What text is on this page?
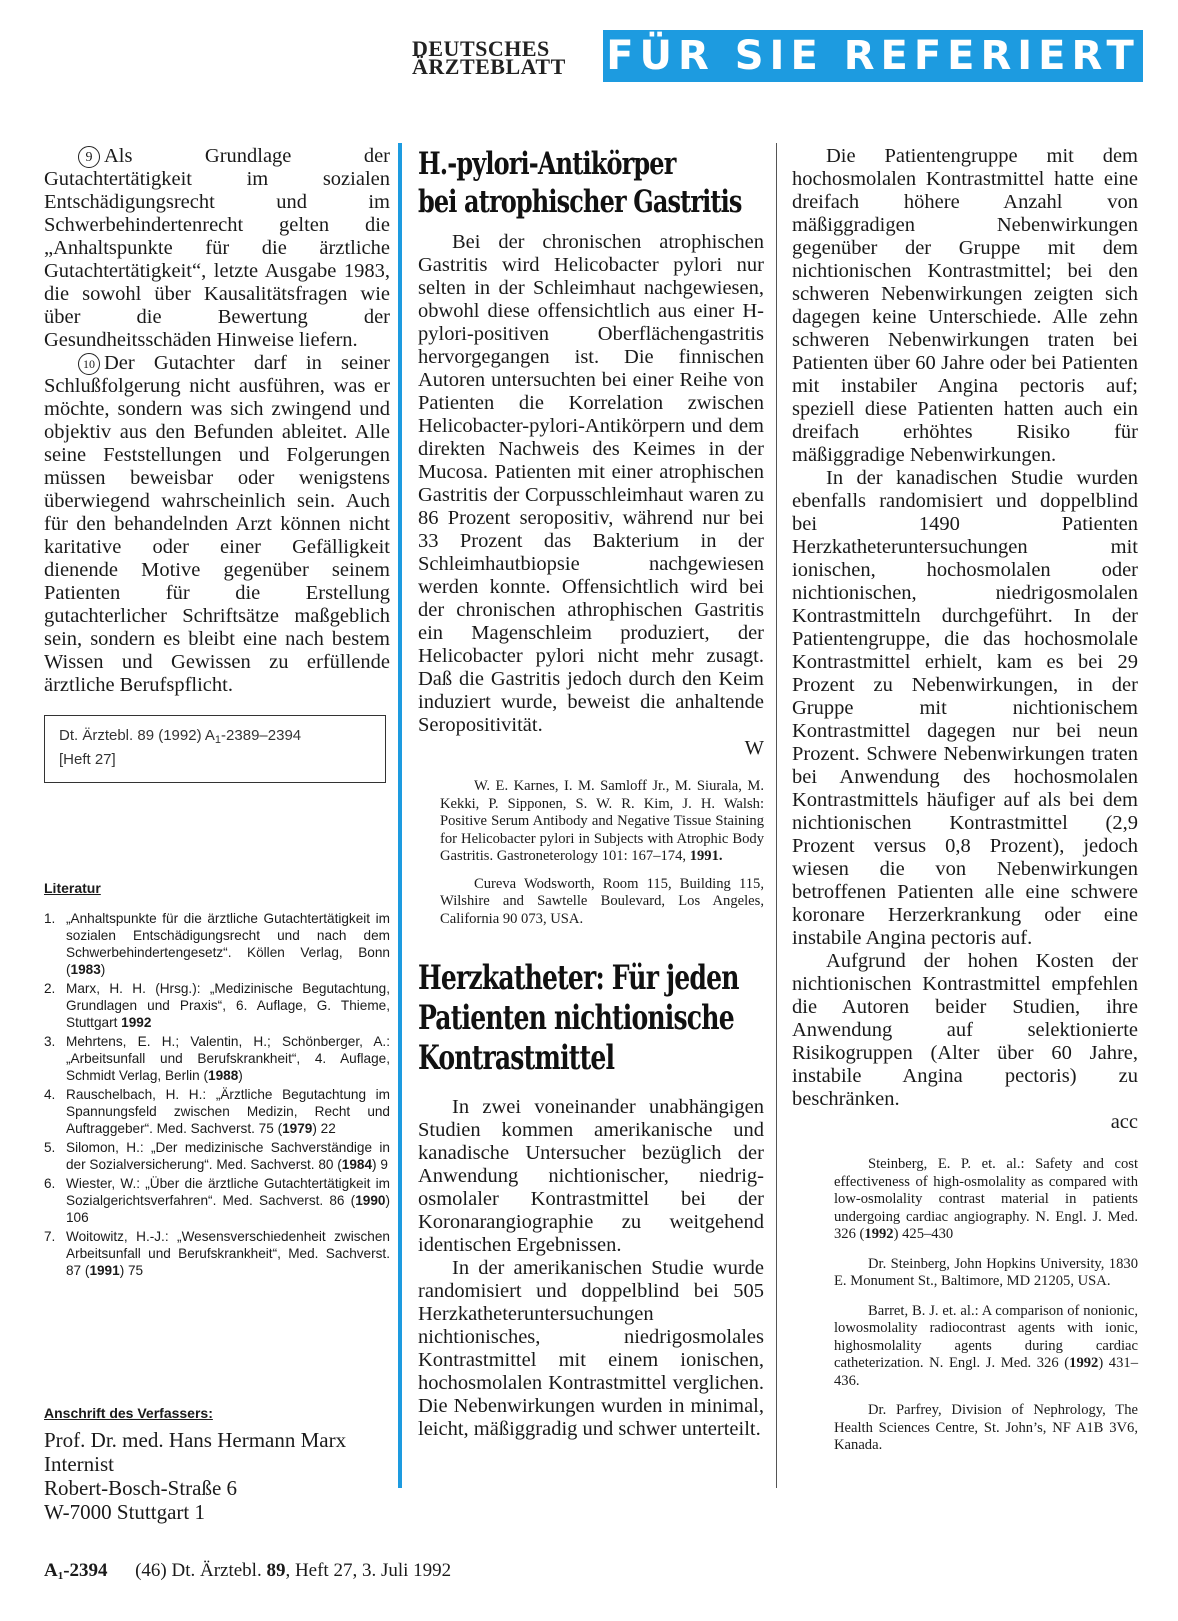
DEUTSCHES
ÄRZTEBLATT	FÜR SIE REFERIERT

9 Als Grundlage der Gutachtertätigkeit im sozialen Entschädigungsrecht und im Schwerbehindertenrecht gelten die „Anhaltspunkte für die ärztliche Gutachtertätigkeit“, letzte Ausgabe 1983, die sowohl über Kausalitätsfragen wie über die Bewertung der Gesundheitsschäden Hinweise liefern.

10 Der Gutachter darf in seiner Schlußfolgerung nicht ausführen, was er möchte, sondern was sich zwingend und objektiv aus den Befunden ableitet. Alle seine Feststellungen und Folgerungen müssen beweisbar oder wenigstens überwiegend wahrscheinlich sein. Auch für den behandelnden Arzt können nicht karitative oder einer Gefälligkeit dienende Motive gegenüber seinem Patienten für die Erstellung gutachterlicher Schriftsätze maßgeblich sein, sondern es bleibt eine nach bestem Wissen und Gewissen zu erfüllende ärztliche Berufspflicht.

Dt. Ärztebl. 89 (1992) $A_1-2389-2394$
[Heft 27]
Literatur
1. „Anhaltspunkte für die ärztliche Gutachtertätigkeit im sozialen Entschädigungsrecht und nach dem Schwerbehindertengesetz“. Köllen Verlag, Bonn (1983)
2. Marx, H. H. (Hrsg.): „Medizinische Begutachtung, Grundlagen und Praxis“, 6. Auflage, G. Thieme, Stuttgart 1992
3. Mehrtens, E. H.; Valentin, H.; Schönberger, A.: „Arbeitsunfall und Berufskrankheit“, 4. Auflage, Schmidt Verlag, Berlin (1988)
4. Rauschelbach, H. H.: „Ärztliche Begutachtung im Spannungsfeld zwischen Medizin, Recht und Auftraggeber“. Med. Sachverst. 75 (1979) 22
5. Silomon, H.: „Der medizinische Sachverständige in der Sozialversicherung“. Med. Sachverst. 80 (1984) 9
6. Wiester, W.: „Über die ärztliche Gutachtertätigkeit im Sozialgerichtsverfahren“. Med. Sachverst. 86 (1990) 106
7. Woitowitz, H.-J.: „Wesensverschiedenheit zwischen Arbeitsunfall und Berufskrankheit“, Med. Sachverst. 87 (1991) 75
Anschrift des Verfassers:
Prof. Dr. med. Hans Hermann Marx
Internist
Robert-Bosch-Straße 6
W-7000 Stuttgart 1
H.-pylori-Antikörper
bei atrophischer Gastritis

Bei der chronischen atrophischen Gastritis wird Helicobacter pylori nur selten in der Schleimhaut nachgewiesen, obwohl diese offensichtlich aus einer H-pylori-positiven Oberflächengastritis hervorgegangen ist. Die finnischen Autoren untersuchten bei einer Reihe von Patienten die Korrelation zwischen Helicobacter-pylori-Antikörpern und dem direkten Nachweis des Keimes in der Mucosa. Patienten mit einer atrophischen Gastritis der Corpusschleimhaut waren zu 86 Prozent seropositiv, während nur bei 33 Prozent das Bakterium in der Schleimhautbiopsie nachgewiesen werden konnte. Offensichtlich wird bei der chronischen athrophischen Gastritis ein Magenschleim produziert, der Helicobacter pylori nicht mehr zusagt. Daß die Gastritis jedoch durch den Keim induziert wurde, beweist die anhaltende Seropositivität.

W

W. E. Karnes, I. M. Samloff Jr., M. Siurala, M. Kekki, P. Sipponen, S. W. R. Kim, J. H. Walsh: Positive Serum Antibody and Negative Tissue Staining for Helicobacter pylori in Subjects with Atrophic Body Gastritis. Gastroneterology 101: 167–174, 1991.

Cureva Wodsworth, Room 115, Building 115, Wilshire and Sawtelle Boulevard, Los Angeles, California 90 073, USA.

Herzkatheter: Für jeden
Patienten nichtionische
Kontrastmittel

In zwei voneinander unabhängigen Studien kommen amerikanische und kanadische Untersucher bezüglich der Anwendung nichtionischer, niedrig-osmolaler Kontrastmittel bei der Koronarangiographie zu weitgehend identischen Ergebnissen.

In der amerikanischen Studie wurde randomisiert und doppelblind bei 505 Herzkatheteruntersuchungen nichtionisches, niedrigosmolales Kontrastmittel mit einem ionischen, hochosmolalen Kontrastmittel verglichen. Die Nebenwirkungen wurden in minimal, leicht, mäßiggradig und schwer unterteilt.

Die Patientengruppe mit dem hochosmolalen Kontrastmittel hatte eine dreifach höhere Anzahl von mäßiggradigen Nebenwirkungen gegenüber der Gruppe mit dem nichtionischen Kontrastmittel; bei den schweren Nebenwirkungen zeigten sich dagegen keine Unterschiede. Alle zehn schweren Nebenwirkungen traten bei Patienten über 60 Jahre oder bei Patienten mit instabiler Angina pectoris auf; speziell diese Patienten hatten auch ein dreifach erhöhtes Risiko für mäßiggradige Nebenwirkungen.

In der kanadischen Studie wurden ebenfalls randomisiert und doppelblind bei 1490 Patienten Herzkatheteruntersuchungen mit ionischen, hochosmolalen oder nichtionischen, niedrigosmolalen Kontrastmitteln durchgeführt. In der Patientengruppe, die das hochosmolale Kontrastmittel erhielt, kam es bei 29 Prozent zu Nebenwirkungen, in der Gruppe mit nichtionischem Kontrastmittel dagegen nur bei neun Prozent. Schwere Nebenwirkungen traten bei Anwendung des hochosmolalen Kontrastmittels häufiger auf als bei dem nichtionischen Kontrastmittel (2,9 Prozent versus 0,8 Prozent), jedoch wiesen die von Nebenwirkungen betroffenen Patienten alle eine schwere koronare Herzerkrankung oder eine instabile Angina pectoris auf.

Aufgrund der hohen Kosten der nichtionischen Kontrastmittel empfehlen die Autoren beider Studien, ihre Anwendung auf selektionierte Risikogruppen (Alter über 60 Jahre, instabile Angina pectoris) zu beschränken.

acc

Steinberg, E. P. et. al.: Safety and cost effectiveness of high-osmolality as compared with low-osmolality contrast material in patients undergoing cardiac angiography. N. Engl. J. Med. 326 (1992) 425–430

Dr. Steinberg, John Hopkins University, 1830 E. Monument St., Baltimore, MD 21205, USA.

Barret, B. J. et. al.: A comparison of nonionic, lowosmolality radiocontrast agents with ionic, highosmolality agents during cardiac catheterization. N. Engl. J. Med. 326 (1992) 431–436.

Dr. Parfrey, Division of Nephrology, The Health Sciences Centre, St. John’s, NF A1B 3V6, Kanada.

$A_1-2394$ (46) Dt. Ärztebl. 89, Heft 27, 3. Juli 1992
